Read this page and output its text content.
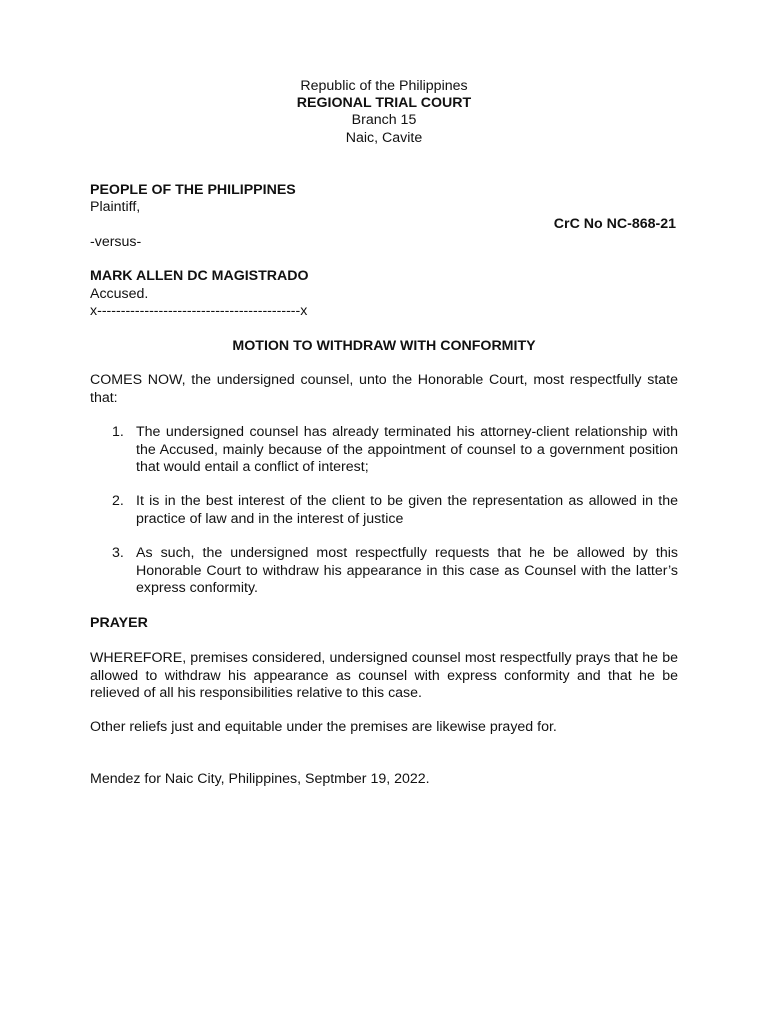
Republic of the Philippines
REGIONAL TRIAL COURT
Branch 15
Naic, Cavite
PEOPLE OF THE PHILIPPINES
Plaintiff,
CrC No NC-868-21
-versus-
MARK ALLEN DC MAGISTRADO
Accused.
x-------------------------------------------x
MOTION TO WITHDRAW WITH CONFORMITY
COMES NOW, the undersigned counsel, unto the Honorable Court, most respectfully state that:
1. The undersigned counsel has already terminated his attorney-client relationship with the Accused, mainly because of the appointment of counsel to a government position that would entail a conflict of interest;
2. It is in the best interest of the client to be given the representation as allowed in the practice of law and in the interest of justice
3. As such, the undersigned most respectfully requests that he be allowed by this Honorable Court to withdraw his appearance in this case as Counsel with the latter’s express conformity.
PRAYER
WHEREFORE, premises considered, undersigned counsel most respectfully prays that he be allowed to withdraw his appearance as counsel with express conformity and that he be relieved of all his responsibilities relative to this case.
Other reliefs just and equitable under the premises are likewise prayed for.
Mendez for Naic City, Philippines, Septmber 19, 2022.
